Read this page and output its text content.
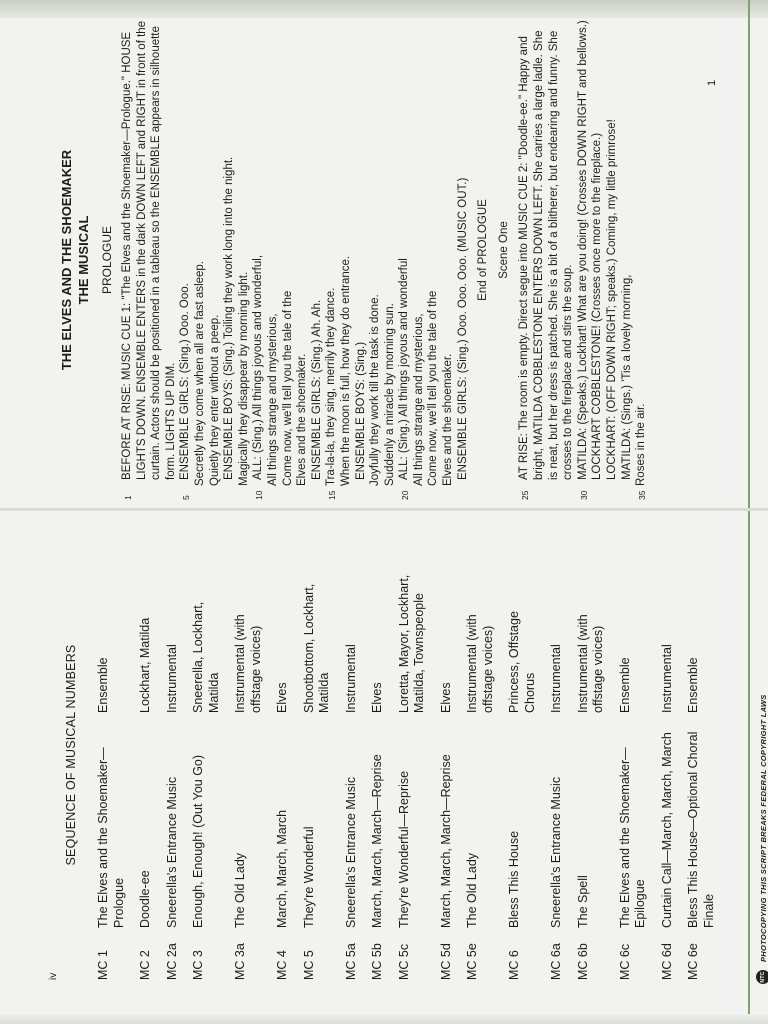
SEQUENCE OF MUSICAL NUMBERS
MC 1
The Elves and the Shoemaker— Prologue
Ensemble
MC 2
Doodle-ee
Lockhart, Matilda
MC 2a
Sneerella's Entrance Music
Instrumental
MC 3
Enough, Enough! (Out You Go)
Sneerella, Lockhart, Matilda
MC 3a
The Old Lady
Instrumental (with offstage voices)
MC 4
March, March, March
Elves
MC 5
They're Wonderful
Shootbottom, Lockhart, Matilda
MC 5a
Sneerella's Entrance Music
Instrumental
MC 5b
March, March, March—Reprise
Elves
MC 5c
They're Wonderful—Reprise
Loretta, Mayor, Lockhart, Matilda, Townspeople
MC 5d
March, March, March—Reprise
Elves
MC 5e
The Old Lady
Instrumental (with offstage voices)
MC 6
Bless This House
Princess, Offstage Chorus
MC 6a
Sneerella's Entrance Music
Instrumental
MC 6b
The Spell
Instrumental (with offstage voices)
MC 6c
The Elves and the Shoemaker— Epilogue
Ensemble
MC 6d
Curtain Call—March, March, March
Instrumental
MC 6e
Bless This House—Optional Choral Finale
Ensemble
NTC
PHOTOCOPYING THIS SCRIPT BREAKS FEDERAL COPYRIGHT LAWS
THE ELVES AND THE SHOEMAKER THE MUSICAL PROLOGUE
1
BEFORE AT RISE: MUSIC CUE 1: "The Elves and the Shoemaker—Prologue." HOUSE LIGHTS DOWN. ENSEMBLE ENTERS in the dark DOWN LEFT and RIGHT in front of the curtain. Actors should be positioned in a tableau so the ENSEMBLE appears in silhouette form. LIGHTS UP DIM.
5
ENSEMBLE GIRLS: (Sing.) Ooo. Ooo. Secretly they come when all are fast asleep. Quietly they enter without a peep. ENSEMBLE BOYS: (Sing.) Toiling they work long into the night. Magically they disappear by morning light.
10
ALL: (Sing.) All things joyous and wonderful, All things strange and mysterious, Come now, we'll tell you the tale of the Elves and the shoemaker. ENSEMBLE GIRLS: (Sing.) Ah. Ah.
15
Tra-la-la, they sing, merrily they dance. When the moon is full, how they do entrance. ENSEMBLE BOYS: (Sing.) Joyfully they work till the task is done. Suddenly a miracle by morning sun.
20
ALL: (Sing.) All things joyous and wonderful All things strange and mysterious, Come now, we'll tell you the tale of the Elves and the shoemaker. ENSEMBLE GIRLS: (Sing.) Ooo. Ooo. Ooo. (MUSIC OUT.) End of PROLOGUE Scene One
25
AT RISE: The room is empty. Direct segue into MUSIC CUE 2: "Doodle-ee." Happy and bright, MATILDA COBBLESTONE ENTERS DOWN LEFT. She carries a large ladle. She is neat, but her dress is patched. She is a bit of a blitherer, but endearing and funny. She crosses to the fireplace and stirs the soup.
30
MATILDA: (Speaks.) Lockhart! What are you doing! (Crosses DOWN RIGHT and bellows.) LOCKHART COBBLESTONE! (Crosses once more to the fireplace.) LOCKHART: (OFF DOWN RIGHT; speaks.) Coming, my little primrose! MATILDA: (Sings.) 'Tis a lovely morning,
35
Roses in the air.
iv
1
